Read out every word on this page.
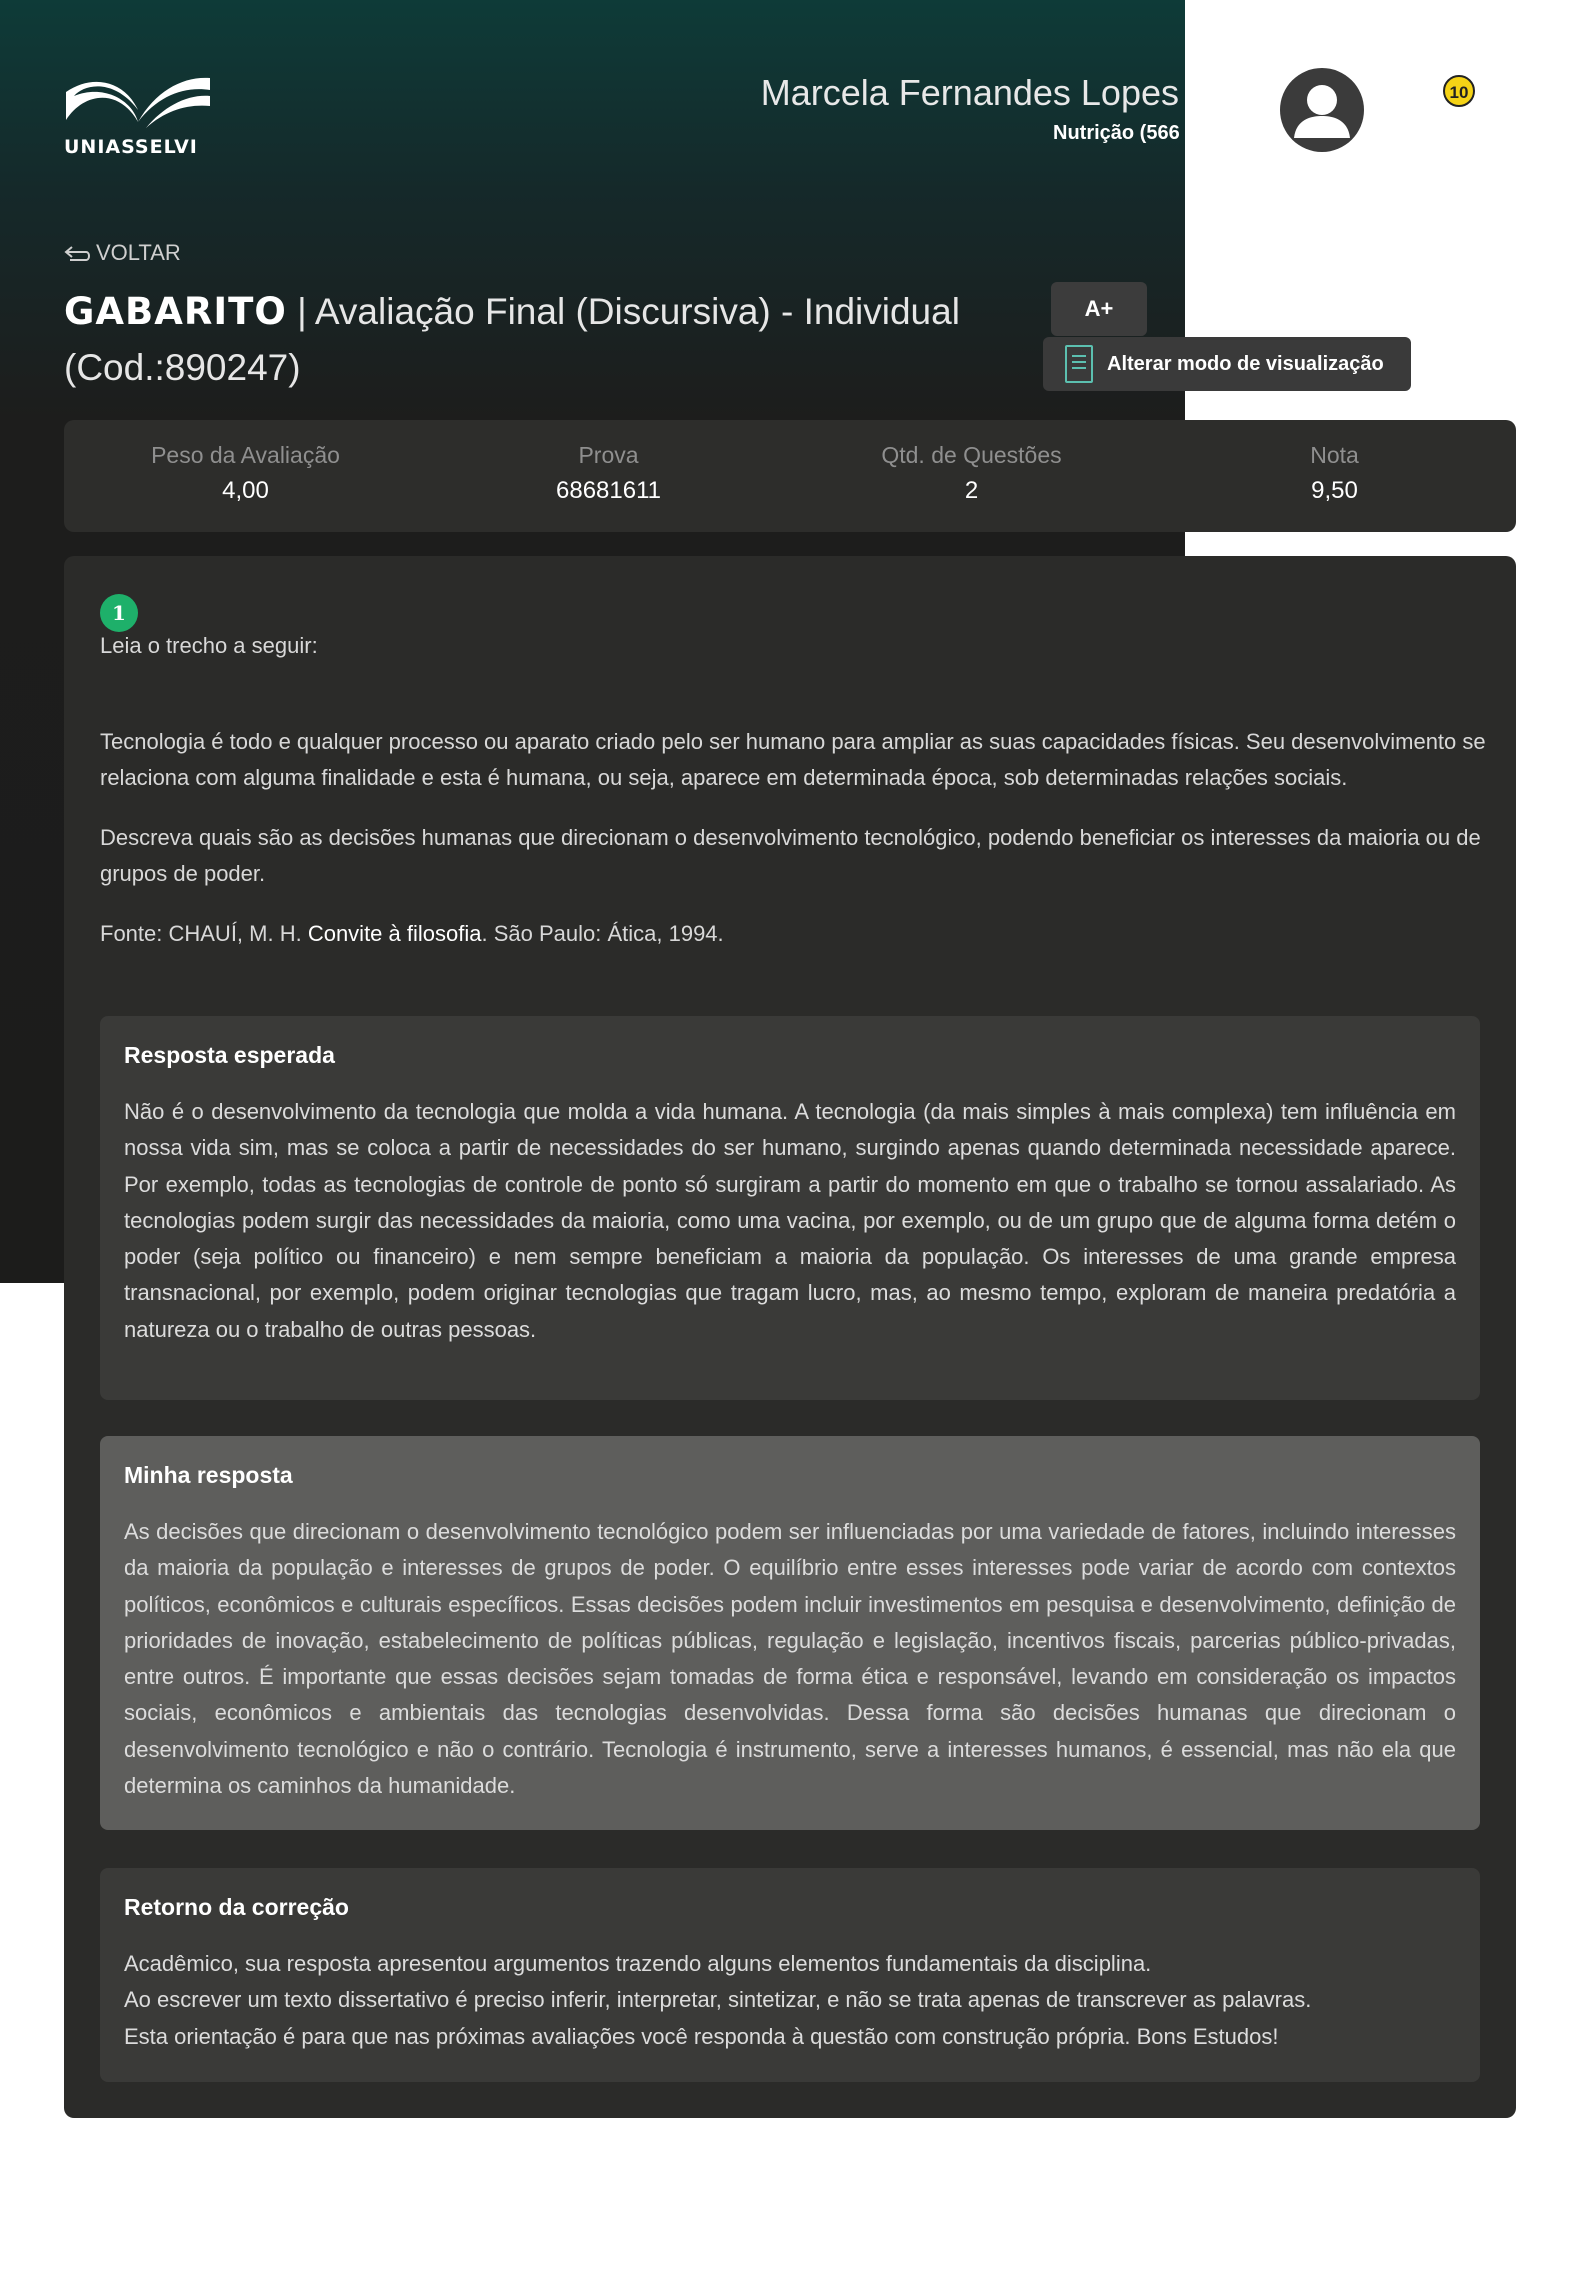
UNIASSELVI
Marcela Fernandes Lopes
Nutrição (566
10
VOLTAR
GABARITO | Avaliação Final (Discursiva) - Individual (Cod.:890247)
A+
Alterar modo de visualização
Peso da Avaliação
4,00
Prova
68681611
Qtd. de Questões
2
Nota
9,50
1
Leia o trecho a seguir:
Tecnologia é todo e qualquer processo ou aparato criado pelo ser humano para ampliar as suas capacidades físicas. Seu desenvolvimento se relaciona com alguma finalidade e esta é humana, ou seja, aparece em determinada época, sob determinadas relações sociais.
Descreva quais são as decisões humanas que direcionam o desenvolvimento tecnológico, podendo beneficiar os interesses da maioria ou de grupos de poder.
Fonte: CHAUÍ, M. H. Convite à filosofia. São Paulo: Ática, 1994.
Resposta esperada

Não é o desenvolvimento da tecnologia que molda a vida humana. A tecnologia (da mais simples à mais complexa) tem influência em nossa vida sim, mas se coloca a partir de necessidades do ser humano, surgindo apenas quando determinada necessidade aparece. Por exemplo, todas as tecnologias de controle de ponto só surgiram a partir do momento em que o trabalho se tornou assalariado. As tecnologias podem surgir das necessidades da maioria, como uma vacina, por exemplo, ou de um grupo que de alguma forma detém o poder (seja político ou financeiro) e nem sempre beneficiam a maioria da população. Os interesses de uma grande empresa transnacional, por exemplo, podem originar tecnologias que tragam lucro, mas, ao mesmo tempo, exploram de maneira predatória a natureza ou o trabalho de outras pessoas.

Minha resposta

As decisões que direcionam o desenvolvimento tecnológico podem ser influenciadas por uma variedade de fatores, incluindo interesses da maioria da população e interesses de grupos de poder. O equilíbrio entre esses interesses pode variar de acordo com contextos políticos, econômicos e culturais específicos. Essas decisões podem incluir investimentos em pesquisa e desenvolvimento, definição de prioridades de inovação, estabelecimento de políticas públicas, regulação e legislação, incentivos fiscais, parcerias público-privadas, entre outros. É importante que essas decisões sejam tomadas de forma ética e responsável, levando em consideração os impactos sociais, econômicos e ambientais das tecnologias desenvolvidas. Dessa forma são decisões humanas que direcionam o desenvolvimento tecnológico e não o contrário. Tecnologia é instrumento, serve a interesses humanos, é essencial, mas não ela que determina os caminhos da humanidade.

Retorno da correção

Acadêmico, sua resposta apresentou argumentos trazendo alguns elementos fundamentais da disciplina.

Ao escrever um texto dissertativo é preciso inferir, interpretar, sintetizar, e não se trata apenas de transcrever as palavras.

Esta orientação é para que nas próximas avaliações você responda à questão com construção própria. Bons Estudos!
